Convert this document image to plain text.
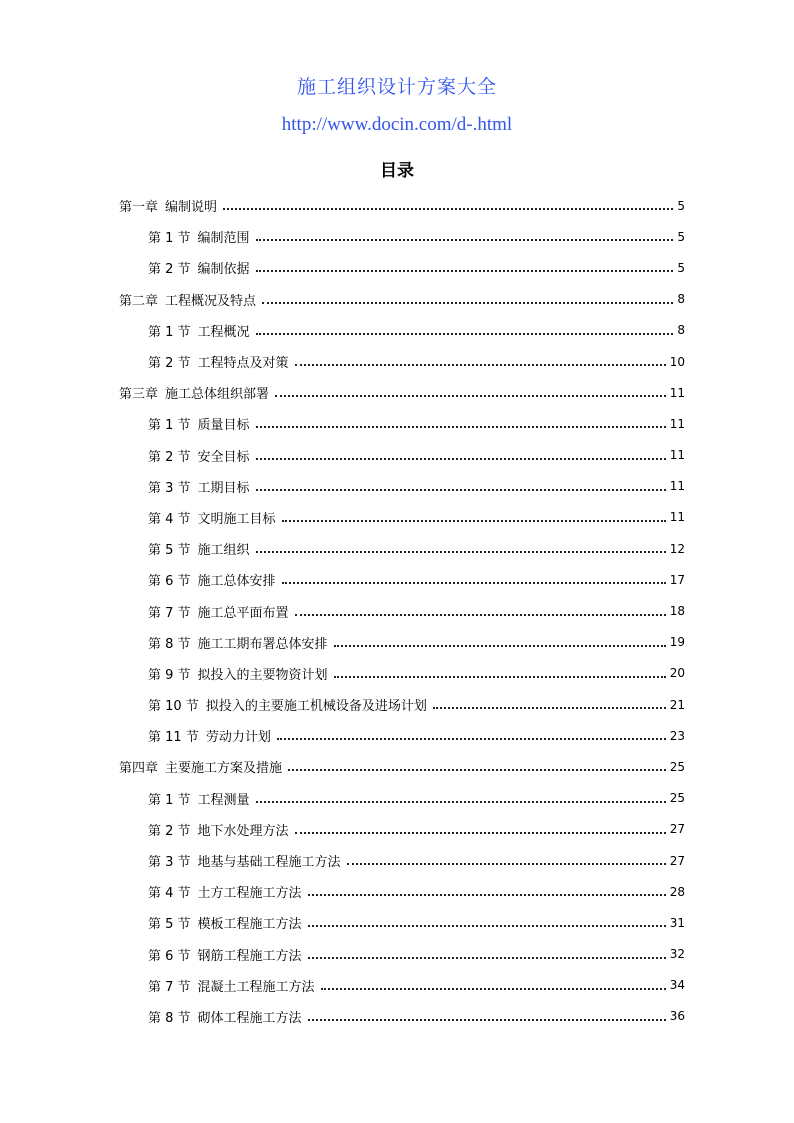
施工组织设计方案大全
http://www.docin.com/d-.html
目录
第一章 编制说明	5
第 1 节 编制范围	5
第 2 节 编制依据	5
第二章 工程概况及特点	8
第 1 节 工程概况	8
第 2 节 工程特点及对策	10
第三章 施工总体组织部署	11
第 1 节 质量目标	11
第 2 节 安全目标	11
第 3 节 工期目标	11
第 4 节 文明施工目标	11
第 5 节 施工组织	12
第 6 节 施工总体安排	17
第 7 节 施工总平面布置	18
第 8 节 施工工期布署总体安排	19
第 9 节 拟投入的主要物资计划	20
第 10 节 拟投入的主要施工机械设备及进场计划	21
第 11 节 劳动力计划	23
第四章 主要施工方案及措施	25
第 1 节 工程测量	25
第 2 节 地下水处理方法	27
第 3 节 地基与基础工程施工方法	27
第 4 节 土方工程施工方法	28
第 5 节 模板工程施工方法	31
第 6 节 钢筋工程施工方法	32
第 7 节 混凝土工程施工方法	34
第 8 节 砌体工程施工方法	36
